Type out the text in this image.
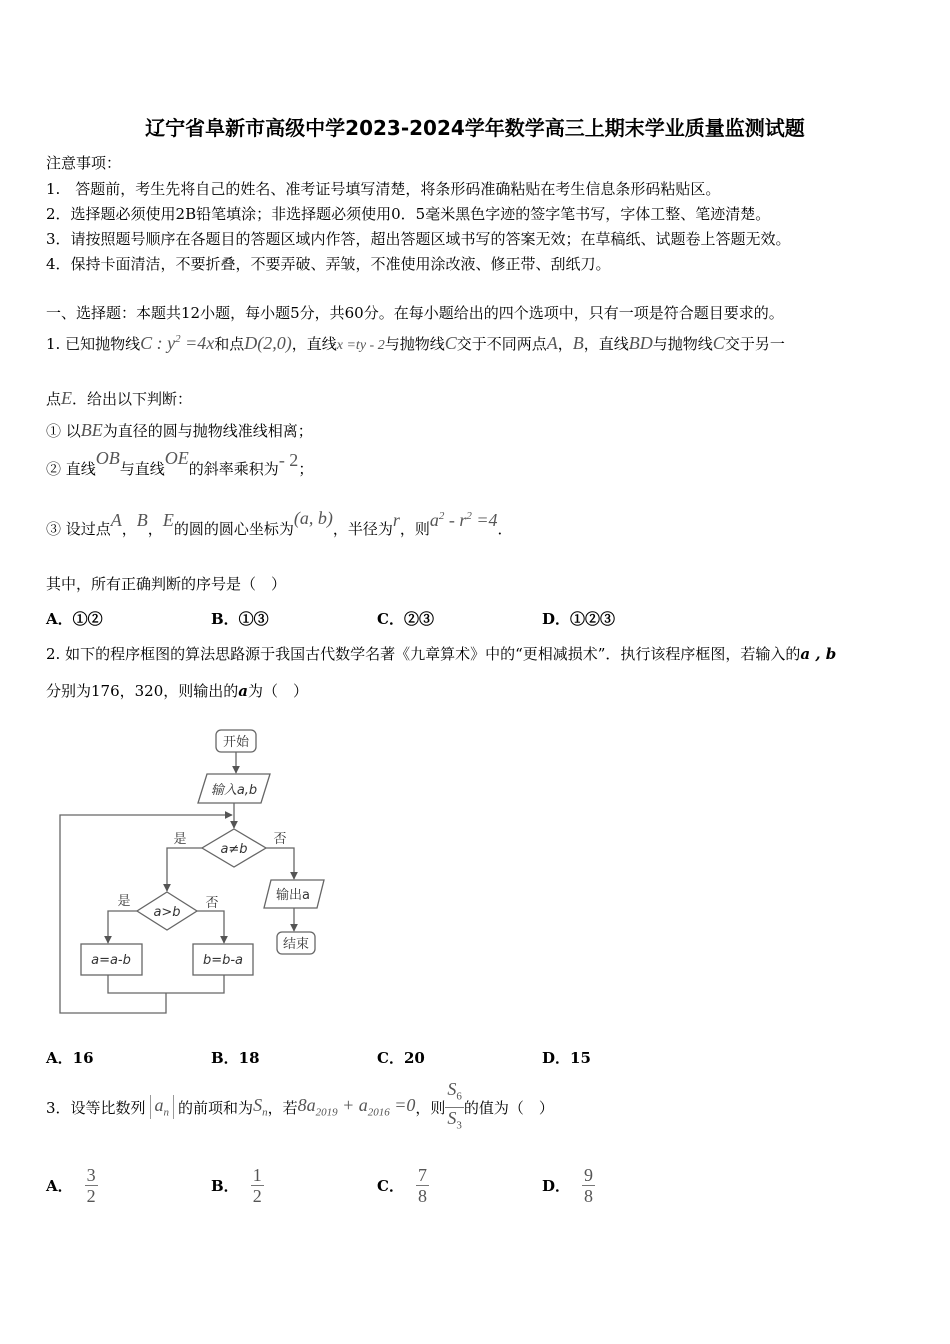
辽宁省阜新市高级中学2023-2024学年数学高三上期末学业质量监测试题
注意事项：
1.　答题前，考生先将自己的姓名、准考证号填写清楚，将条形码准确粘贴在考生信息条形码粘贴区。
2．选择题必须使用2B铅笔填涂；非选择题必须使用0．5毫米黑色字迹的签字笔书写，字体工整、笔迹清楚。
3．请按照题号顺序在各题目的答题区域内作答，超出答题区域书写的答案无效；在草稿纸、试题卷上答题无效。
4．保持卡面清洁，不要折叠，不要弄破、弄皱，不准使用涂改液、修正带、刮纸刀。
一、选择题：本题共12小题，每小题5分，共60分。在每小题给出的四个选项中，只有一项是符合题目要求的。
1. 已知抛物线C : $y^2 =4x$和点D(2,0)，直线x =ty - 2与抛物线C交于不同两点A，B，直线BD与抛物线C交于另一
点E．给出以下判断：
① 以BE为直径的圆与抛物线准线相离；
② 直线OB与直线OE的斜率乘积为- 2；
③ 设过点A，B，E的圆的圆心坐标为(a, b)，半径为r，则$a^2 - r^2 =4$．
其中，所有正确判断的序号是（　）
A．①②	B．①③	C．②③	D．①②③
2. 如下的程序框图的算法思路源于我国古代数学名著《九章算术》中的“更相减损术”．执行该程序框图，若输入的a , b
分别为176，320，则输出的a为（　）
开始
输入a,b
a≠b
是	否
a>b
是	否
a=a-b	b=b-a
输出a
结束
A．16	B．18	C．20	D．15
3．设等比数列 $a_n$ 的前项和为 $S_n$ ，若 $8a_{2019} + a_{2016} =0$ ，则 $\frac{S_6}{S_3}$ 的值为（　）
A． $\frac{3}{2}$	B． $\frac{1}{2}$	C． $\frac{7}{8}$	D． $\frac{9}{8}$
